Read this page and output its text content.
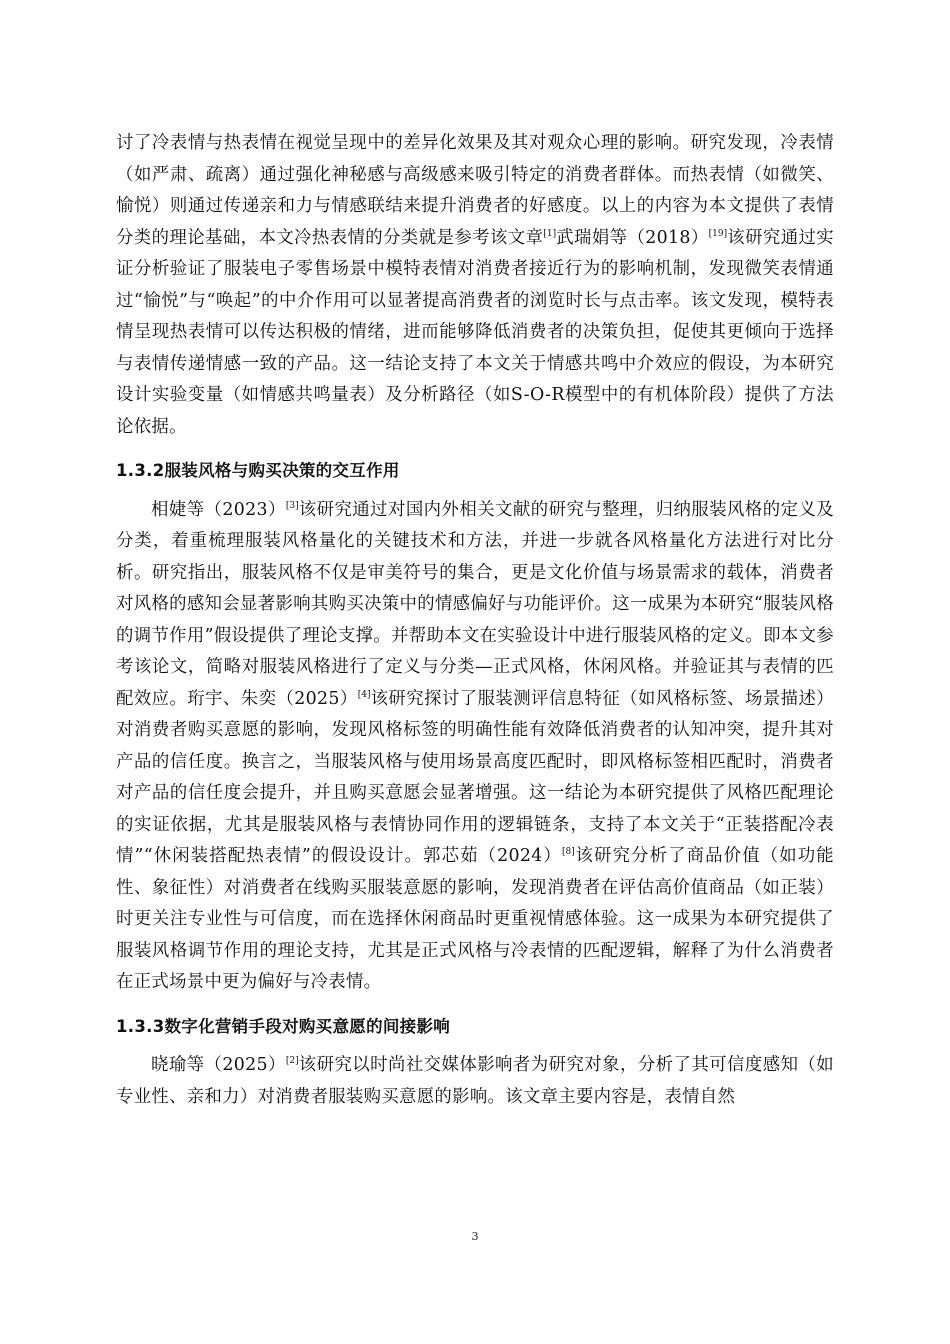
讨了冷表情与热表情在视觉呈现中的差异化效果及其对观众心理的影响。研究发现，冷表情（如严肃、疏离）通过强化神秘感与高级感来吸引特定的消费者群体。而热表情（如微笑、愉悦）则通过传递亲和力与情感联结来提升消费者的好感度。以上的内容为本文提供了表情分类的理论基础，本文冷热表情的分类就是参考该文章[1]武瑞娟等（2018）[19]该研究通过实证分析验证了服装电子零售场景中模特表情对消费者接近行为的影响机制，发现微笑表情通过“愉悦”与“唤起”的中介作用可以显著提高消费者的浏览时长与点击率。该文发现，模特表情呈现热表情可以传达积极的情绪，进而能够降低消费者的决策负担，促使其更倾向于选择与表情传递情感一致的产品。这一结论支持了本文关于情感共鸣中介效应的假设，为本研究设计实验变量（如情感共鸣量表）及分析路径（如S-O-R模型中的有机体阶段）提供了方法论依据。

1.3.2服装风格与购买决策的交互作用

相婕等（2023）[3]该研究通过对国内外相关文献的研究与整理，归纳服装风格的定义及分类，着重梳理服装风格量化的关键技术和方法，并进一步就各风格量化方法进行对比分析。研究指出，服装风格不仅是审美符号的集合，更是文化价值与场景需求的载体，消费者对风格的感知会显著影响其购买决策中的情感偏好与功能评价。这一成果为本研究“服装风格的调节作用”假设提供了理论支撑。并帮助本文在实验设计中进行服装风格的定义。即本文参考该论文，简略对服装风格进行了定义与分类—正式风格，休闲风格。并验证其与表情的匹配效应。珩宇、朱奕（2025）[4]该研究探讨了服装测评信息特征（如风格标签、场景描述）对消费者购买意愿的影响，发现风格标签的明确性能有效降低消费者的认知冲突，提升其对产品的信任度。换言之，当服装风格与使用场景高度匹配时，即风格标签相匹配时，消费者对产品的信任度会提升，并且购买意愿会显著增强。这一结论为本研究提供了风格匹配理论的实证依据，尤其是服装风格与表情协同作用的逻辑链条，支持了本文关于“正装搭配冷表情”“休闲装搭配热表情”的假设设计。郭芯茹（2024）[8]该研究分析了商品价值（如功能性、象征性）对消费者在线购买服装意愿的影响，发现消费者在评估高价值商品（如正装）时更关注专业性与可信度，而在选择休闲商品时更重视情感体验。这一成果为本研究提供了服装风格调节作用的理论支持，尤其是正式风格与冷表情的匹配逻辑，解释了为什么消费者在正式场景中更为偏好与冷表情。

1.3.3数字化营销手段对购买意愿的间接影响

晓瑜等（2025）[2]该研究以时尚社交媒体影响者为研究对象，分析了其可信度感知（如专业性、亲和力）对消费者服装购买意愿的影响。该文章主要内容是，表情自然

3
